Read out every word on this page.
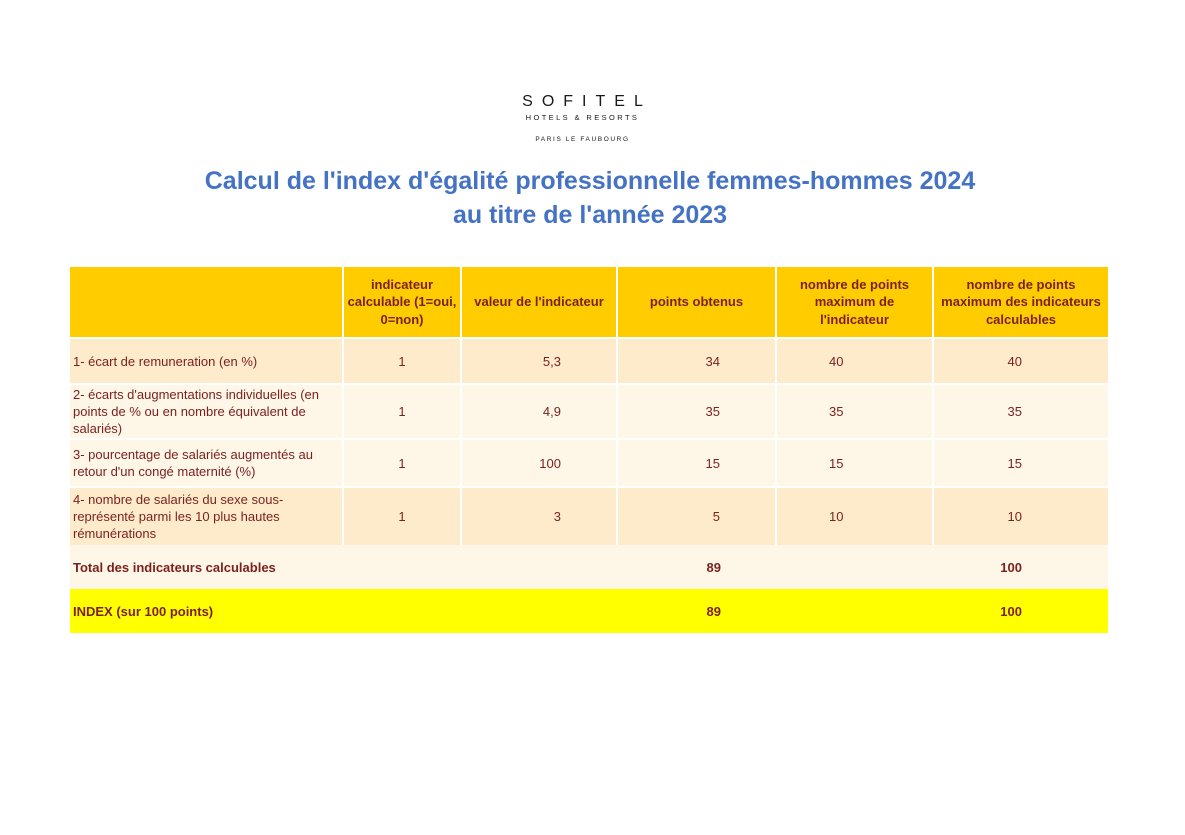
SOFITEL
HOTELS & RESORTS
PARIS LE FAUBOURG
Calcul de l'index d'égalité professionnelle femmes-hommes 2024
au titre de l'année 2023
	indicateur calculable (1=oui, 0=non)	valeur de l'indicateur	points obtenus	nombre de points maximum de l'indicateur	nombre de points maximum des indicateurs calculables
1- écart de remuneration (en %)	1	5,3	34	40	40
2- écarts d'augmentations individuelles (en points de % ou en nombre équivalent de salariés)	1	4,9	35	35	35
3- pourcentage de salariés augmentés au retour d'un congé maternité (%)	1	100	15	15	15
4- nombre de salariés du sexe sous-représenté parmi les 10 plus hautes rémunérations	1	3	5	10	10
Total des indicateurs calculables			89		100
INDEX (sur 100 points)			89		100
